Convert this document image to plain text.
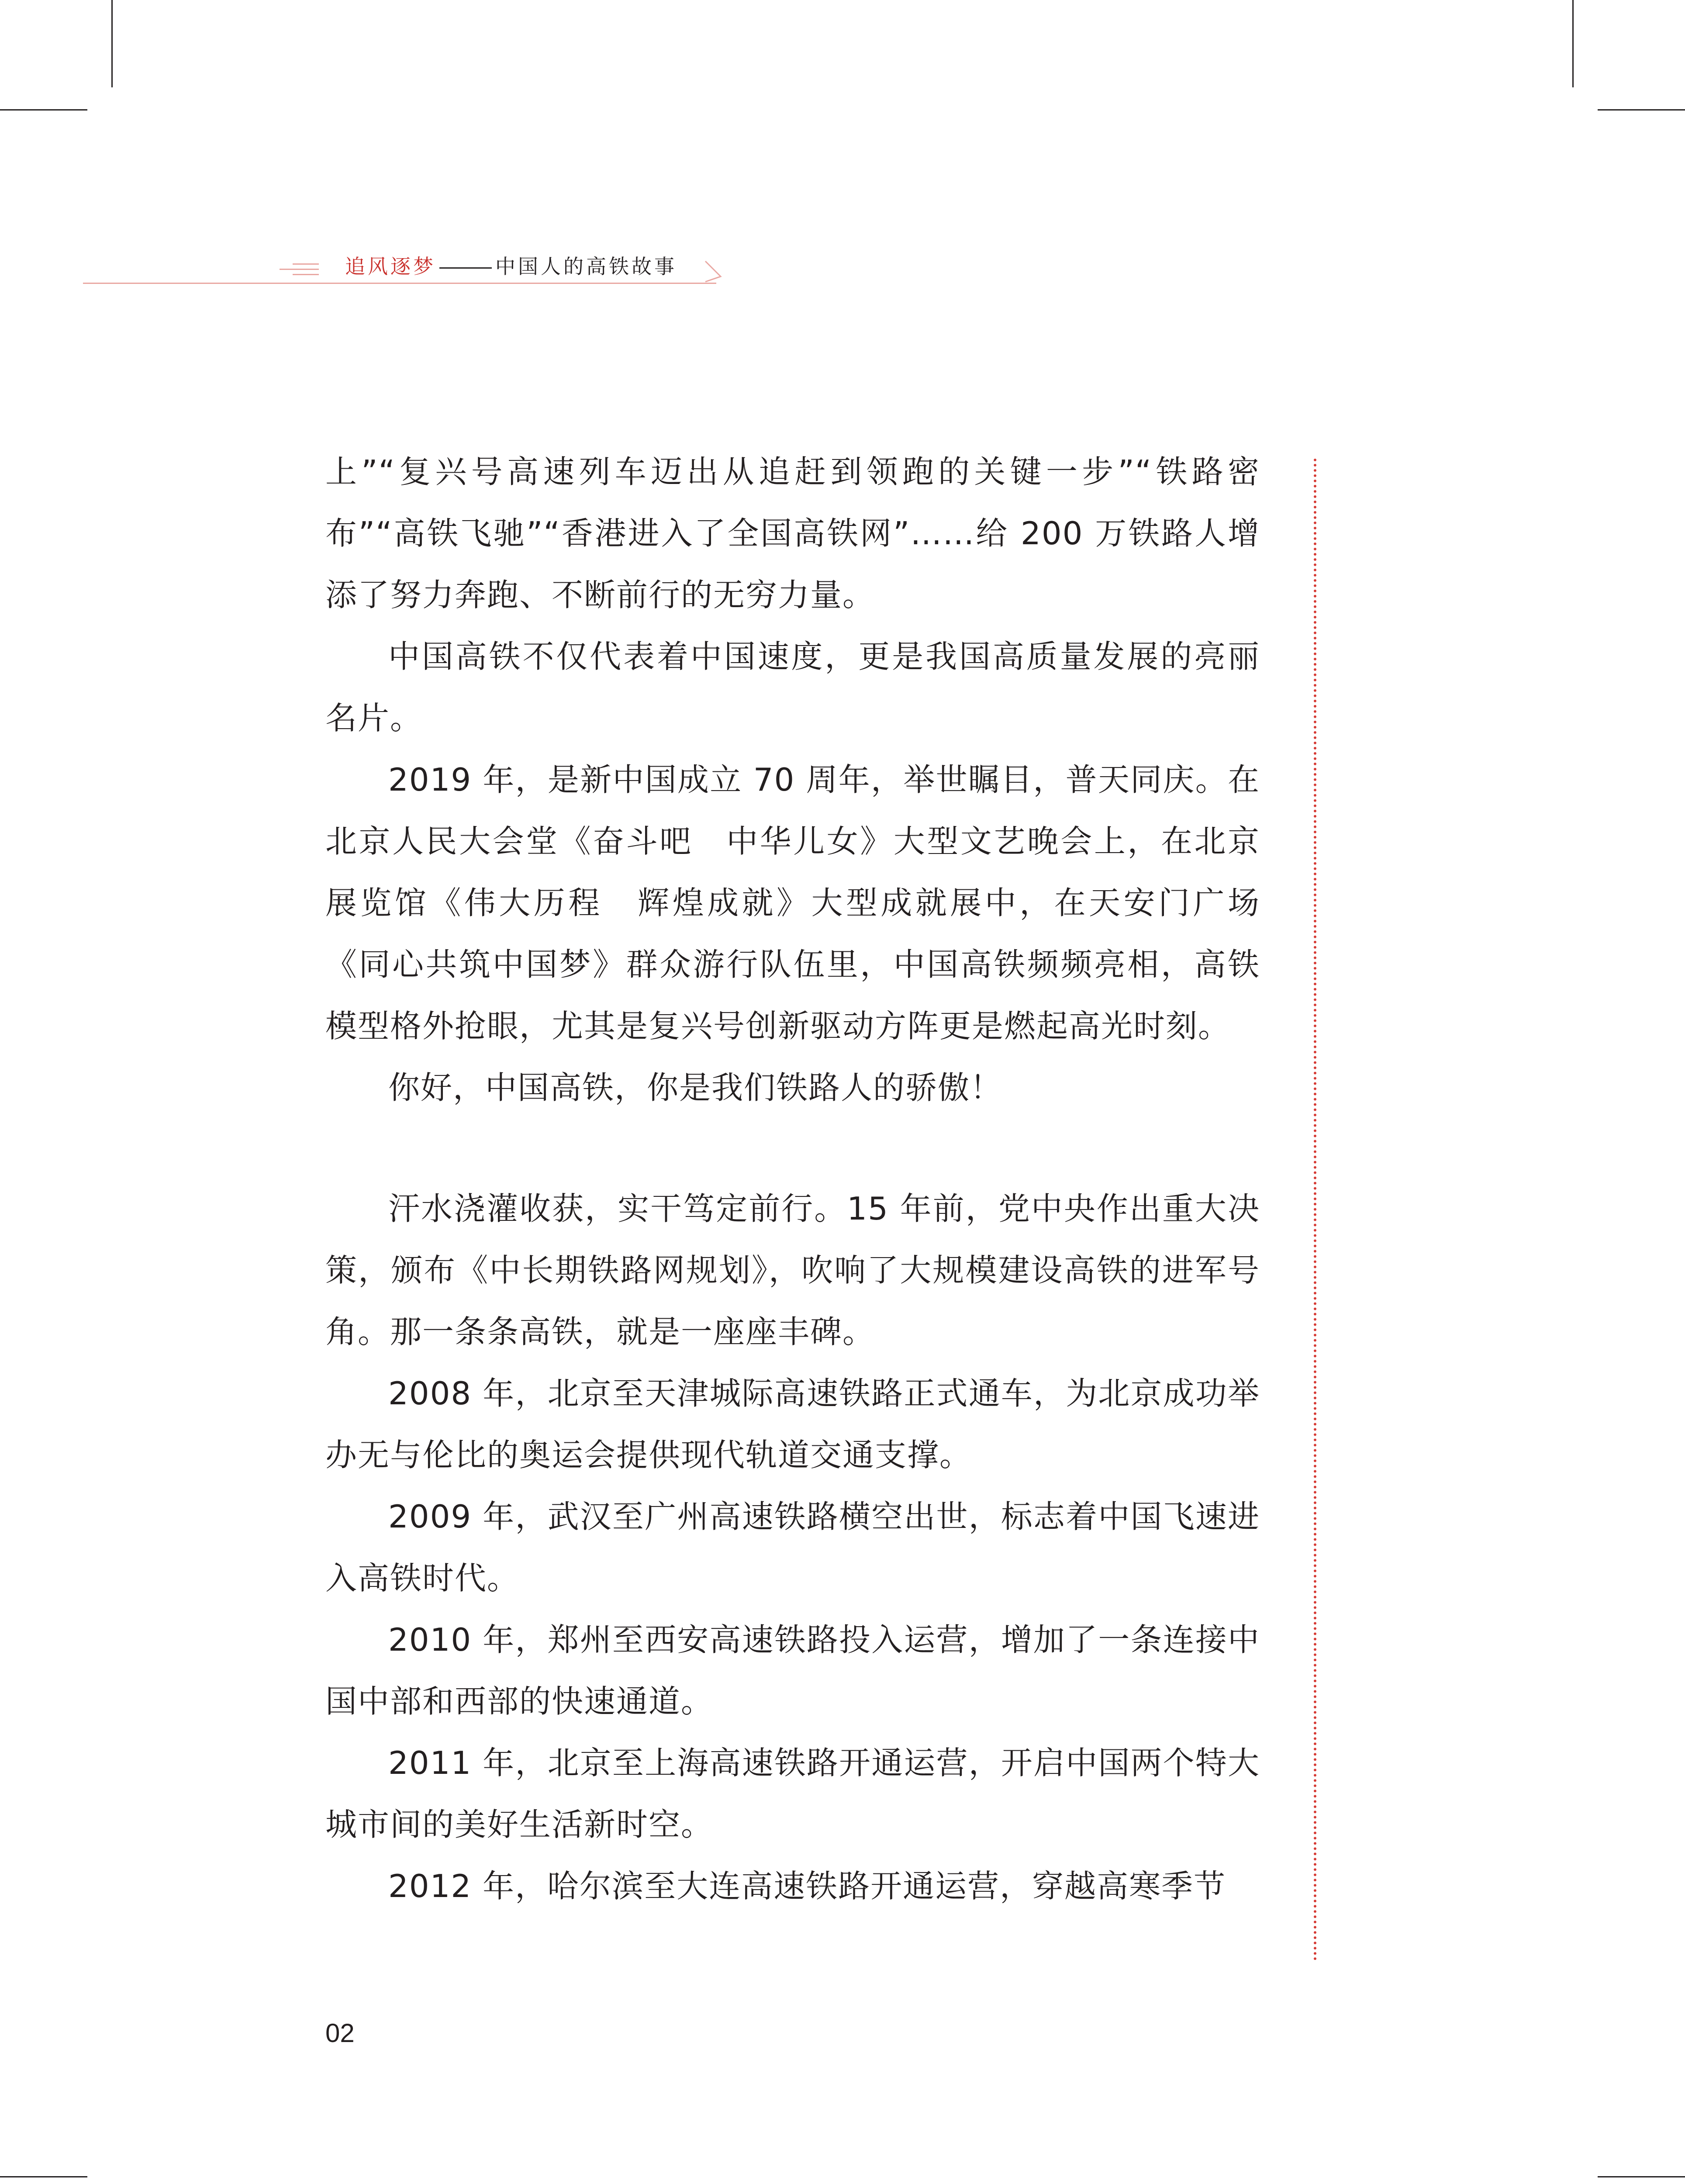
追风逐梦	中国人的高铁故事

上”“复兴号高速列车迈出从追赶到领跑的关键一步”“铁路密布”“高铁飞驰”“香港进入了全国高铁网”……给 200 万铁路人增添了努力奔跑、不断前行的无穷力量。

中国高铁不仅代表着中国速度，更是我国高质量发展的亮丽名片。

2019 年，是新中国成立 70 周年，举世瞩目，普天同庆。在北京人民大会堂《奋斗吧　中华儿女》大型文艺晚会上，在北京展览馆《伟大历程　辉煌成就》大型成就展中，在天安门广场《同心共筑中国梦》群众游行队伍里，中国高铁频频亮相，高铁模型格外抢眼，尤其是复兴号创新驱动方阵更是燃起高光时刻。

你好，中国高铁，你是我们铁路人的骄傲！

汗水浇灌收获，实干笃定前行。15 年前，党中央作出重大决策，颁布《中长期铁路网规划》，吹响了大规模建设高铁的进军号角。那一条条高铁，就是一座座丰碑。

2008 年，北京至天津城际高速铁路正式通车，为北京成功举办无与伦比的奥运会提供现代轨道交通支撑。

2009 年，武汉至广州高速铁路横空出世，标志着中国飞速进入高铁时代。

2010 年，郑州至西安高速铁路投入运营，增加了一条连接中国中部和西部的快速通道。

2011 年，北京至上海高速铁路开通运营，开启中国两个特大城市间的美好生活新时空。

2012 年，哈尔滨至大连高速铁路开通运营，穿越高寒季节

02
